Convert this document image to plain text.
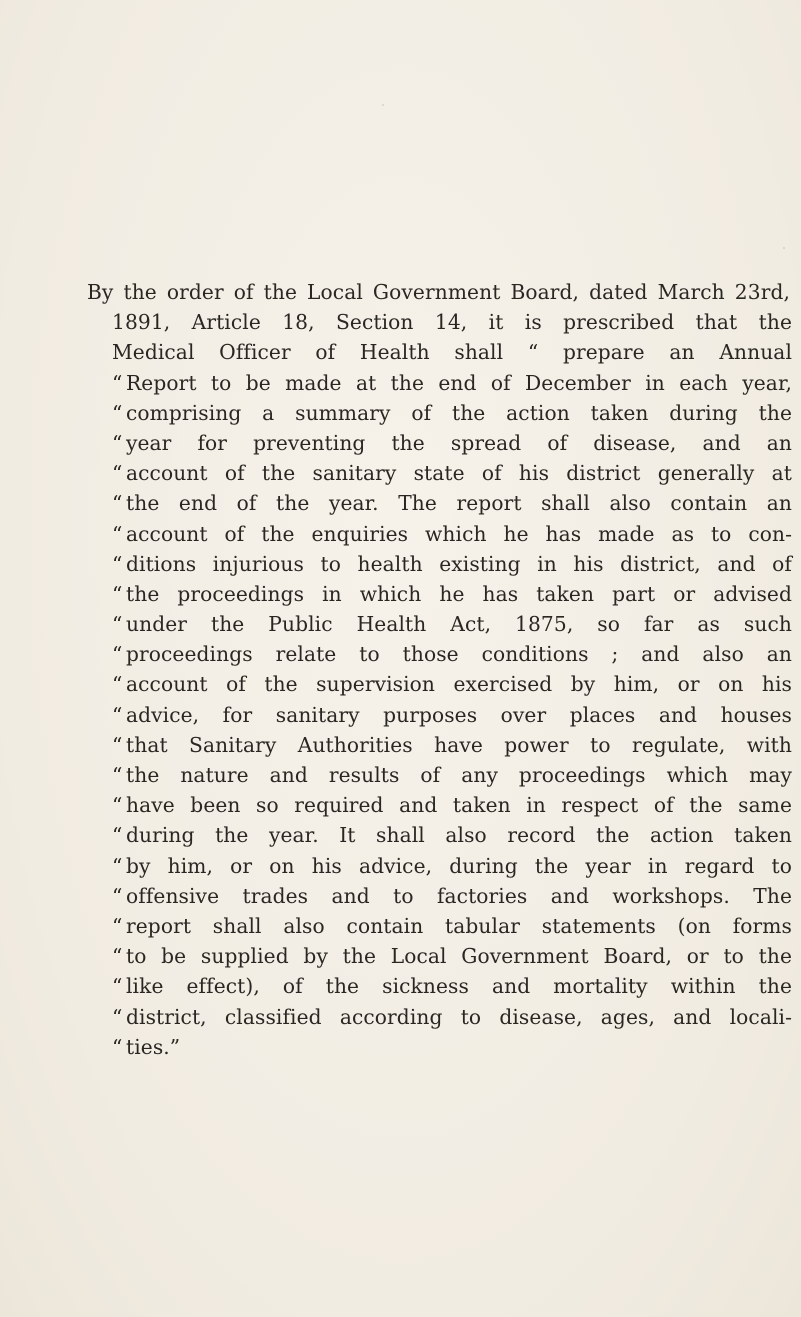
By the order of the Local Government Board, dated March 23rd,
1891, Article 18, Section 14, it is prescribed that the
Medical Officer of Health shall “ prepare an Annual
“ Report to be made at the end of December in each year,
“ comprising a summary of the action taken during the
“ year for preventing the spread of disease, and an
“ account of the sanitary state of his district generally at
“ the end of the year. The report shall also contain an
“ account of the enquiries which he has made as to con-
“ ditions injurious to health existing in his district, and of
“ the proceedings in which he has taken part or advised
“ under the Public Health Act, 1875, so far as such
“ proceedings relate to those conditions ; and also an
“ account of the supervision exercised by him, or on his
“ advice, for sanitary purposes over places and houses
“ that Sanitary Authorities have power to regulate, with
“ the nature and results of any proceedings which may
“ have been so required and taken in respect of the same
“ during the year. It shall also record the action taken
“ by him, or on his advice, during the year in regard to
“ offensive trades and to factories and workshops. The
“ report shall also contain tabular statements (on forms
“ to be supplied by the Local Government Board, or to the
“ like effect), of the sickness and mortality within the
“ district, classified according to disease, ages, and locali-
“ ties.”
